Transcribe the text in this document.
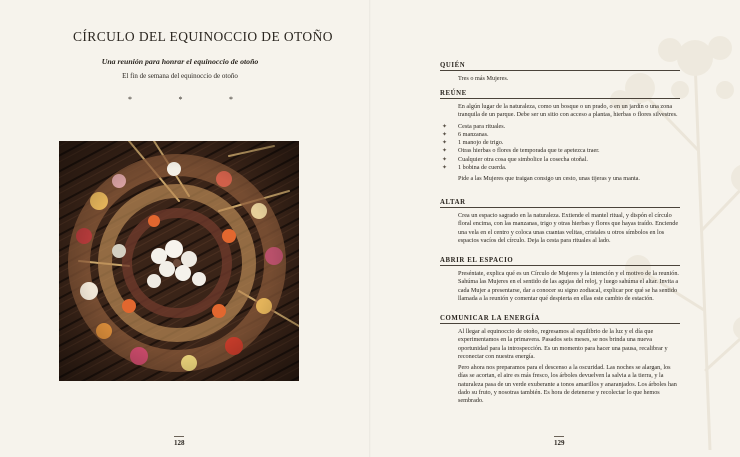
CÍRCULO DEL EQUINOCCIO DE OTOÑO
Una reunión para honrar el equinoccio de otoño
El fin de semana del equinoccio de otoño
*	*	*
128
QUIÉN

Tres o más Mujeres.

REÚNE

En algún lugar de la naturaleza, como un bosque o un prado, o en un jardín o una zona tranquila de un parque. Debe ser un sitio con acceso a plantas, hierbas o flores silvestres.

✦ Cesta para rituales.
✦ 6 manzanas.
✦ 1 manojo de trigo.
✦ Otras hierbas o flores de temporada que te apetezca traer.
✦ Cualquier otra cosa que simbolice la cosecha otoñal.
✦ 1 bobina de cuerda.

Pide a las Mujeres que traigan consigo un cesto, unas tijeras y una manta.

ALTAR

Crea un espacio sagrado en la naturaleza. Extiende el mantel ritual, y dispón el círculo floral encima, con las manzanas, trigo y otras hierbas y flores que hayas traído. Enciende una vela en el centro y coloca unas cuantas velitas, cristales u otros símbolos en los espacios vacíos del círculo. Deja la cesta para rituales al lado.

ABRIR EL ESPACIO

Preséntate, explica qué es un Círculo de Mujeres y la intención y el motivo de la reunión. Sahúma las Mujeres en el sentido de las agujas del reloj, y luego sahúma el altar. Invita a cada Mujer a presentarse, dar a conocer su signo zodiacal, explicar por qué se ha sentido llamada a la reunión y comentar qué despierta en ellas este cambio de estación.

COMUNICAR LA ENERGÍA

Al llegar al equinoccio de otoño, regresamos al equilibrio de la luz y el día que experimentamos en la primavera. Pasados seis meses, se nos brinda una nueva oportunidad para la introspección. Es un momento para hacer una pausa, recalibrar y reconectar con nuestra energía.

Pero ahora nos preparamos para el descenso a la oscuridad. Las noches se alargan, los días se acortan, el aire es más fresco, los árboles devuelven la salvia a la tierra, y la naturaleza pasa de un verde exuberante a tonos amarillos y anaranjados. Los árboles han dado su fruto, y nosotras también. Es hora de detenerse y recolectar lo que hemos sembrado.

129
